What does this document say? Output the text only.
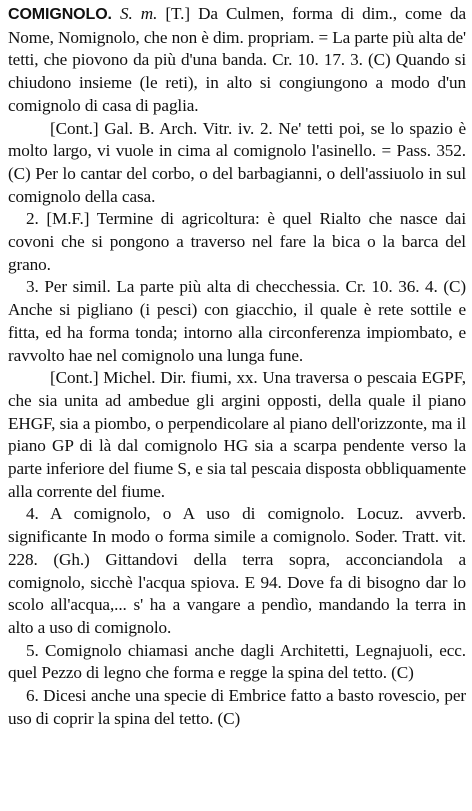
COMIGNOLO. S. m. [T.] Da Culmen, forma di dim., come da Nome, Nomignolo, che non è dim. propriam. = La parte più alta de' tetti, che piovono da più d'una banda. Cr. 10. 17. 3. (C) Quando si chiudono insieme (le reti), in alto si congiungono a modo d'un comignolo di casa di paglia.

[Cont.] Gal. B. Arch. Vitr. iv. 2. Ne' tetti poi, se lo spazio è molto largo, vi vuole in cima al comignolo l'asinello. = Pass. 352. (C) Per lo cantar del corbo, o del barbagianni, o dell'assiuolo in sul comignolo della casa.

2. [M.F.] Termine di agricoltura: è quel Rialto che nasce dai covoni che si pongono a traverso nel fare la bica o la barca del grano.

3. Per simil. La parte più alta di checchessia. Cr. 10. 36. 4. (C) Anche si pigliano (i pesci) con giacchio, il quale è rete sottile e fitta, ed ha forma tonda; intorno alla circonferenza impiombato, e ravvolto hae nel comignolo una lunga fune.

[Cont.] Michel. Dir. fiumi, xx. Una traversa o pescaia EGPF, che sia unita ad ambedue gli argini opposti, della quale il piano EHGF, sia a piombo, o perpendicolare al piano dell'orizzonte, ma il piano GP di là dal comignolo HG sia a scarpa pendente verso la parte inferiore del fiume S, e sia tal pescaia disposta obbliquamente alla corrente del fiume.

4. A comignolo, o A uso di comignolo. Locuz. avverb. significante In modo o forma simile a comignolo. Soder. Tratt. vit. 228. (Gh.) Gittandovi della terra sopra, acconciandola a comignolo, sicchè l'acqua spiova. E 94. Dove fa di bisogno dar lo scolo all'acqua,... s' ha a vangare a pendìo, mandando la terra in alto a uso di comignolo.

5. Comignolo chiamasi anche dagli Architetti, Legnajuoli, ecc. quel Pezzo di legno che forma e regge la spina del tetto. (C)

6. Dicesi anche una specie di Embrice fatto a basto rovescio, per uso di coprir la spina del tetto. (C)
